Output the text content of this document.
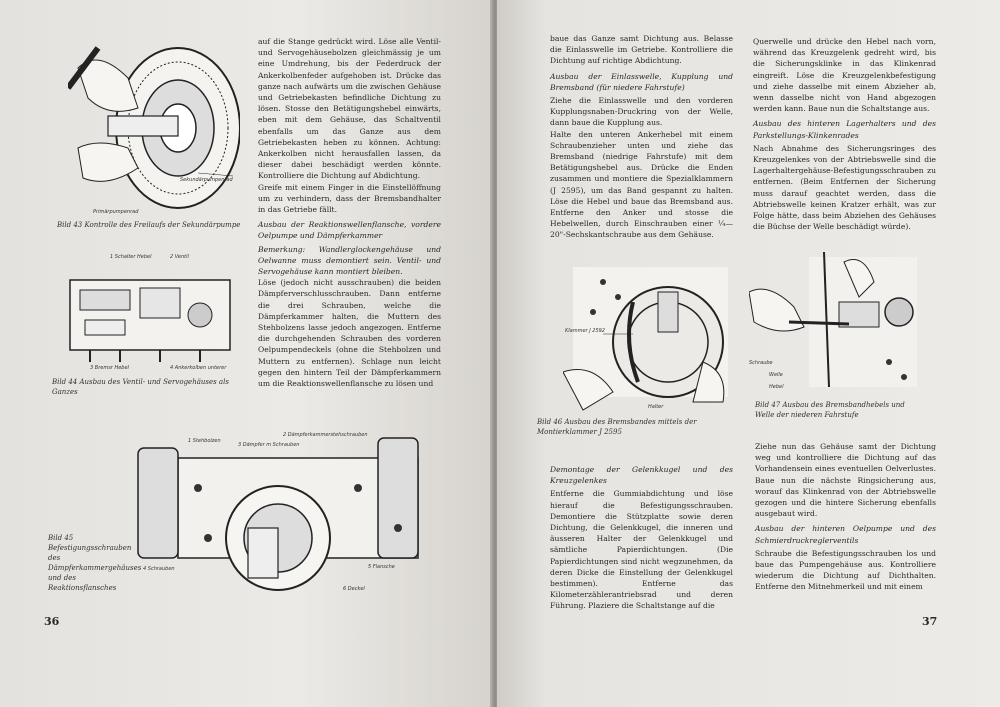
Sekundärpumpenrad
Primärpumpenrad
Bild 43 Kontrolle des Freilaufs der Sekundärpumpe
1 Schalter Hebel	2 Ventil
3 Bremsr Hebel	4 Ankerkolben unterer
Bild 44 Ausbau des Ventil- und Servogehäuses als Ganzes

auf die Stange gedrückt wird. Löse alle Ventil- und Servogehäusebolzen gleichmässig je um eine Umdrehung, bis der Federdruck der Ankerkolbenfeder aufgehoben ist. Drücke das ganze nach aufwärts um die zwischen Gehäuse und Getriebekasten befindliche Dichtung zu lösen. Stosse den Betätigungshebel einwärts, eben mit dem Gehäuse, das Schaltventil ebenfalls um das Ganze aus dem Getriebekasten heben zu können. Achtung: Ankerkolben nicht herausfallen lassen, da dieser dabei beschädigt werden könnte. Kontrolliere die Dichtung auf Abdichtung.

Greife mit einem Finger in die Einstellöffnung um zu verhindern, dass der Bremsbandhalter in das Getriebe fällt.

Ausbau der Reaktionswellenflansche, vordere Oelpumpe und Dämpferkammer

Bemerkung: Wandlerglockengehäuse und Oelwanne muss demontiert sein. Ventil- und Servogehäuse kann montiert bleiben.

Löse (jedoch nicht ausschrauben) die beiden Dämpferverschlusschrauben. Dann entferne die drei Schrauben, welche die Dämpferkammer halten, die Muttern des Stehbolzens lasse jedoch angezogen. Entferne die durchgehenden Schrauben des vorderen Oelpumpendeckels (ohne die Stehbolzen und Muttern zu entfernen). Schlage nun leicht gegen den hintern Teil der Dämpferkammern um die Reaktionswellenflansche zu lösen und

1 Stehbolzen
2 Dämpferkammerstehschrauben
3 Dämpfer m Schrauben
4 Schrauben	5 Flansche
6 Deckel
Bild 45 Befestigungsschrauben des Dämpferkammergehäuses und des Reaktionsflansches
36

baue das Ganze samt Dichtung aus. Belasse die Einlasswelle im Getriebe. Kontrolliere die Dichtung auf richtige Abdichtung.

Ausbau der Einlasswelle, Kupplung und Bremsband (für niedere Fahrstufe)

Ziehe die Einlasswelle und den vorderen Kupplungsnaben-Druckring von der Welle, dann baue die Kupplung aus.

Halte den unteren Ankerhebel mit einem Schraubenzieher unten und ziehe das Bremsband (niedrige Fahrstufe) mit dem Betätigungshebel aus. Drücke die Enden zusammen und montiere die Spezialklammern (J 2595), um das Band gespannt zu halten. Löse die Hebel und baue das Bremsband aus. Entferne den Anker und stosse die Hebelwellen, durch Einschrauben einer ¼—20"-Sechskantschraube aus dem Gehäuse.

Klammer J 2592
Halter
Bild 46 Ausbau des Bremsbandes mittels der Montierklammer J 2595
Demontage der Gelenkkugel und des Kreuzgelenkes

Entferne die Gummiabdichtung und löse hierauf die Befestigungsschrauben. Demontiere die Stützplatte sowie deren Dichtung, die Gelenkkugel, die inneren und äusseren Halter der Gelenkkugel und sämtliche Papierdichtungen. (Die Papierdichtungen sind nicht wegzunehmen, da deren Dicke die Einstellung der Gelenkkugel bestimmen). Entferne das Kilometerzählerantriebsrad und deren Führung. Plaziere die Schaltstange auf die

Querwelle und drücke den Hebel nach vorn, während das Kreuzgelenk gedreht wird, bis die Sicherungsklinke in das Klinkenrad eingreift. Löse die Kreuzgelenkbefestigung und ziehe dasselbe mit einem Abzieher ab, wenn dasselbe nicht von Hand abgezogen werden kann. Baue nun die Schaltstange aus.

Ausbau des hinteren Lagerhalters und des Parkstellungs-Klinkenrades

Nach Abnahme des Sicherungsringes des Kreuzgelenkes von der Abtriebswelle sind die Lagerhaltergehäuse-Befestigungsschrauben zu entfernen. (Beim Entfernen der Sicherung muss darauf geachtet werden, dass die Abtriebswelle keinen Kratzer erhält, was zur Folge hätte, dass beim Abziehen des Gehäuses die Büchse der Welle beschädigt würde).

Schraube
Welle
Hebel
Bild 47 Ausbau des Bremsbandhebels und Welle der niederen Fahrstufe

Ziehe nun das Gehäuse samt der Dichtung weg und kontrolliere die Dichtung auf das Vorhandensein eines eventuellen Oelverlustes. Baue nun die nächste Ringsicherung aus, worauf das Klinkenrad von der Abtriebswelle gezogen und die hintere Sicherung ebenfalls ausgebaut wird.

Ausbau der hinteren Oelpumpe und des Schmierdruckreglerventils

Schraube die Befestigungsschrauben los und baue das Pumpengehäuse aus. Kontrolliere wiederum die Dichtung auf Dichthalten. Entferne den Mitnehmerkeil und mit einem

37
